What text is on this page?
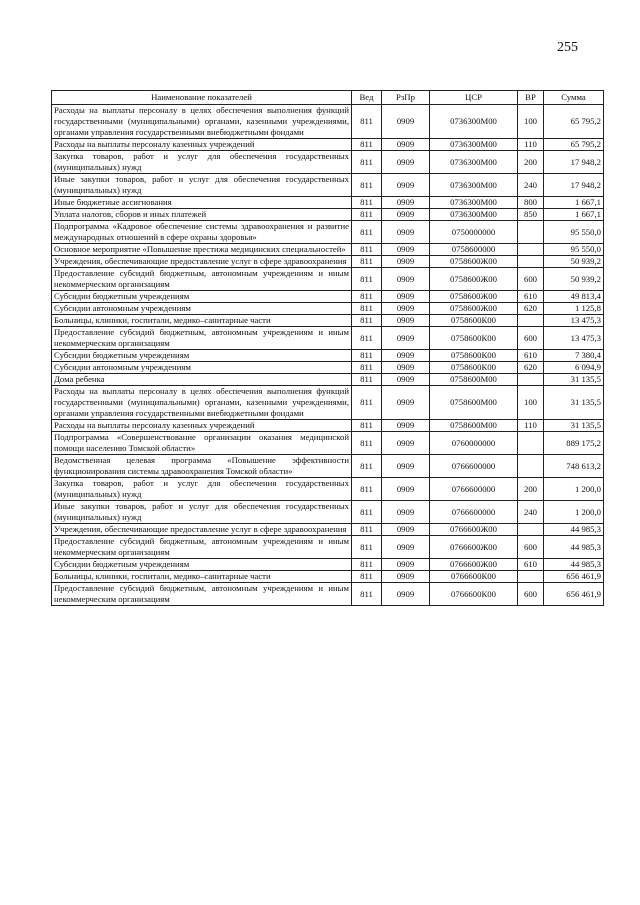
255
Наименование показателей	Вед	РзПр	ЦСР	ВР	Сумма
Расходы на выплаты персоналу в целях обеспечения выполнения функций государственными (муниципальными) органами, казенными учреждениями, органами управления государственными внебюджетными фондами	811	0909	0736300М00	100	65 795,2
Расходы на выплаты персоналу казенных учреждений	811	0909	0736300М00	110	65 795,2
Закупка товаров, работ и услуг для обеспечения государственных (муниципальных) нужд	811	0909	0736300М00	200	17 948,2
Иные закупки товаров, работ и услуг для обеспечения государственных (муниципальных) нужд	811	0909	0736300М00	240	17 948,2
Иные бюджетные ассигнования	811	0909	0736300М00	800	1 667,1
Уплата налогов, сборов и иных платежей	811	0909	0736300М00	850	1 667,1
Подпрограмма «Кадровое обеспечение системы здравоохранения и развитие международных отношений в сфере охраны здоровья»	811	0909	0750000000		95 550,0
Основное мероприятие «Повышение престижа медицинских специальностей»	811	0909	0758600000		95 550,0
Учреждения, обеспечивающие предоставление услуг в сфере здравоохранения	811	0909	0758600Ж00		50 939,2
Предоставление субсидий бюджетным, автономным учреждениям и иным некоммерческим организациям	811	0909	0758600Ж00	600	50 939,2
Субсидии бюджетным учреждениям	811	0909	0758600Ж00	610	49 813,4
Субсидии автономным учреждениям	811	0909	0758600Ж00	620	1 125,8
Больницы, клиники, госпитали, медико–санитарные части	811	0909	0758600К00		13 475,3
Предоставление субсидий бюджетным, автономным учреждениям и иным некоммерческим организациям	811	0909	0758600К00	600	13 475,3
Субсидии бюджетным учреждениям	811	0909	0758600К00	610	7 380,4
Субсидии автономным учреждениям	811	0909	0758600К00	620	6 094,9
Дома ребенка	811	0909	0758600М00		31 135,5
Расходы на выплаты персоналу в целях обеспечения выполнения функций государственными (муниципальными) органами, казенными учреждениями, органами управления государственными внебюджетными фондами	811	0909	0758600М00	100	31 135,5
Расходы на выплаты персоналу казенных учреждений	811	0909	0758600М00	110	31 135,5
Подпрограмма «Совершенствование организации оказания медицинской помощи населению Томской области»	811	0909	0760000000		889 175,2
Ведомственная целевая программа «Повышение эффективности функционирования системы здравоохранения Томской области»	811	0909	0766600000		748 613,2
Закупка товаров, работ и услуг для обеспечения государственных (муниципальных) нужд	811	0909	0766600000	200	1 200,0
Иные закупки товаров, работ и услуг для обеспечения государственных (муниципальных) нужд	811	0909	0766600000	240	1 200,0
Учреждения, обеспечивающие предоставление услуг в сфере здравоохранения	811	0909	0766600Ж00		44 985,3
Предоставление субсидий бюджетным, автономным учреждениям и иным некоммерческим организациям	811	0909	0766600Ж00	600	44 985,3
Субсидии бюджетным учреждениям	811	0909	0766600Ж00	610	44 985,3
Больницы, клиники, госпитали, медико–санитарные части	811	0909	0766600К00		656 461,9
Предоставление субсидий бюджетным, автономным учреждениям и иным некоммерческим организациям	811	0909	0766600К00	600	656 461,9
